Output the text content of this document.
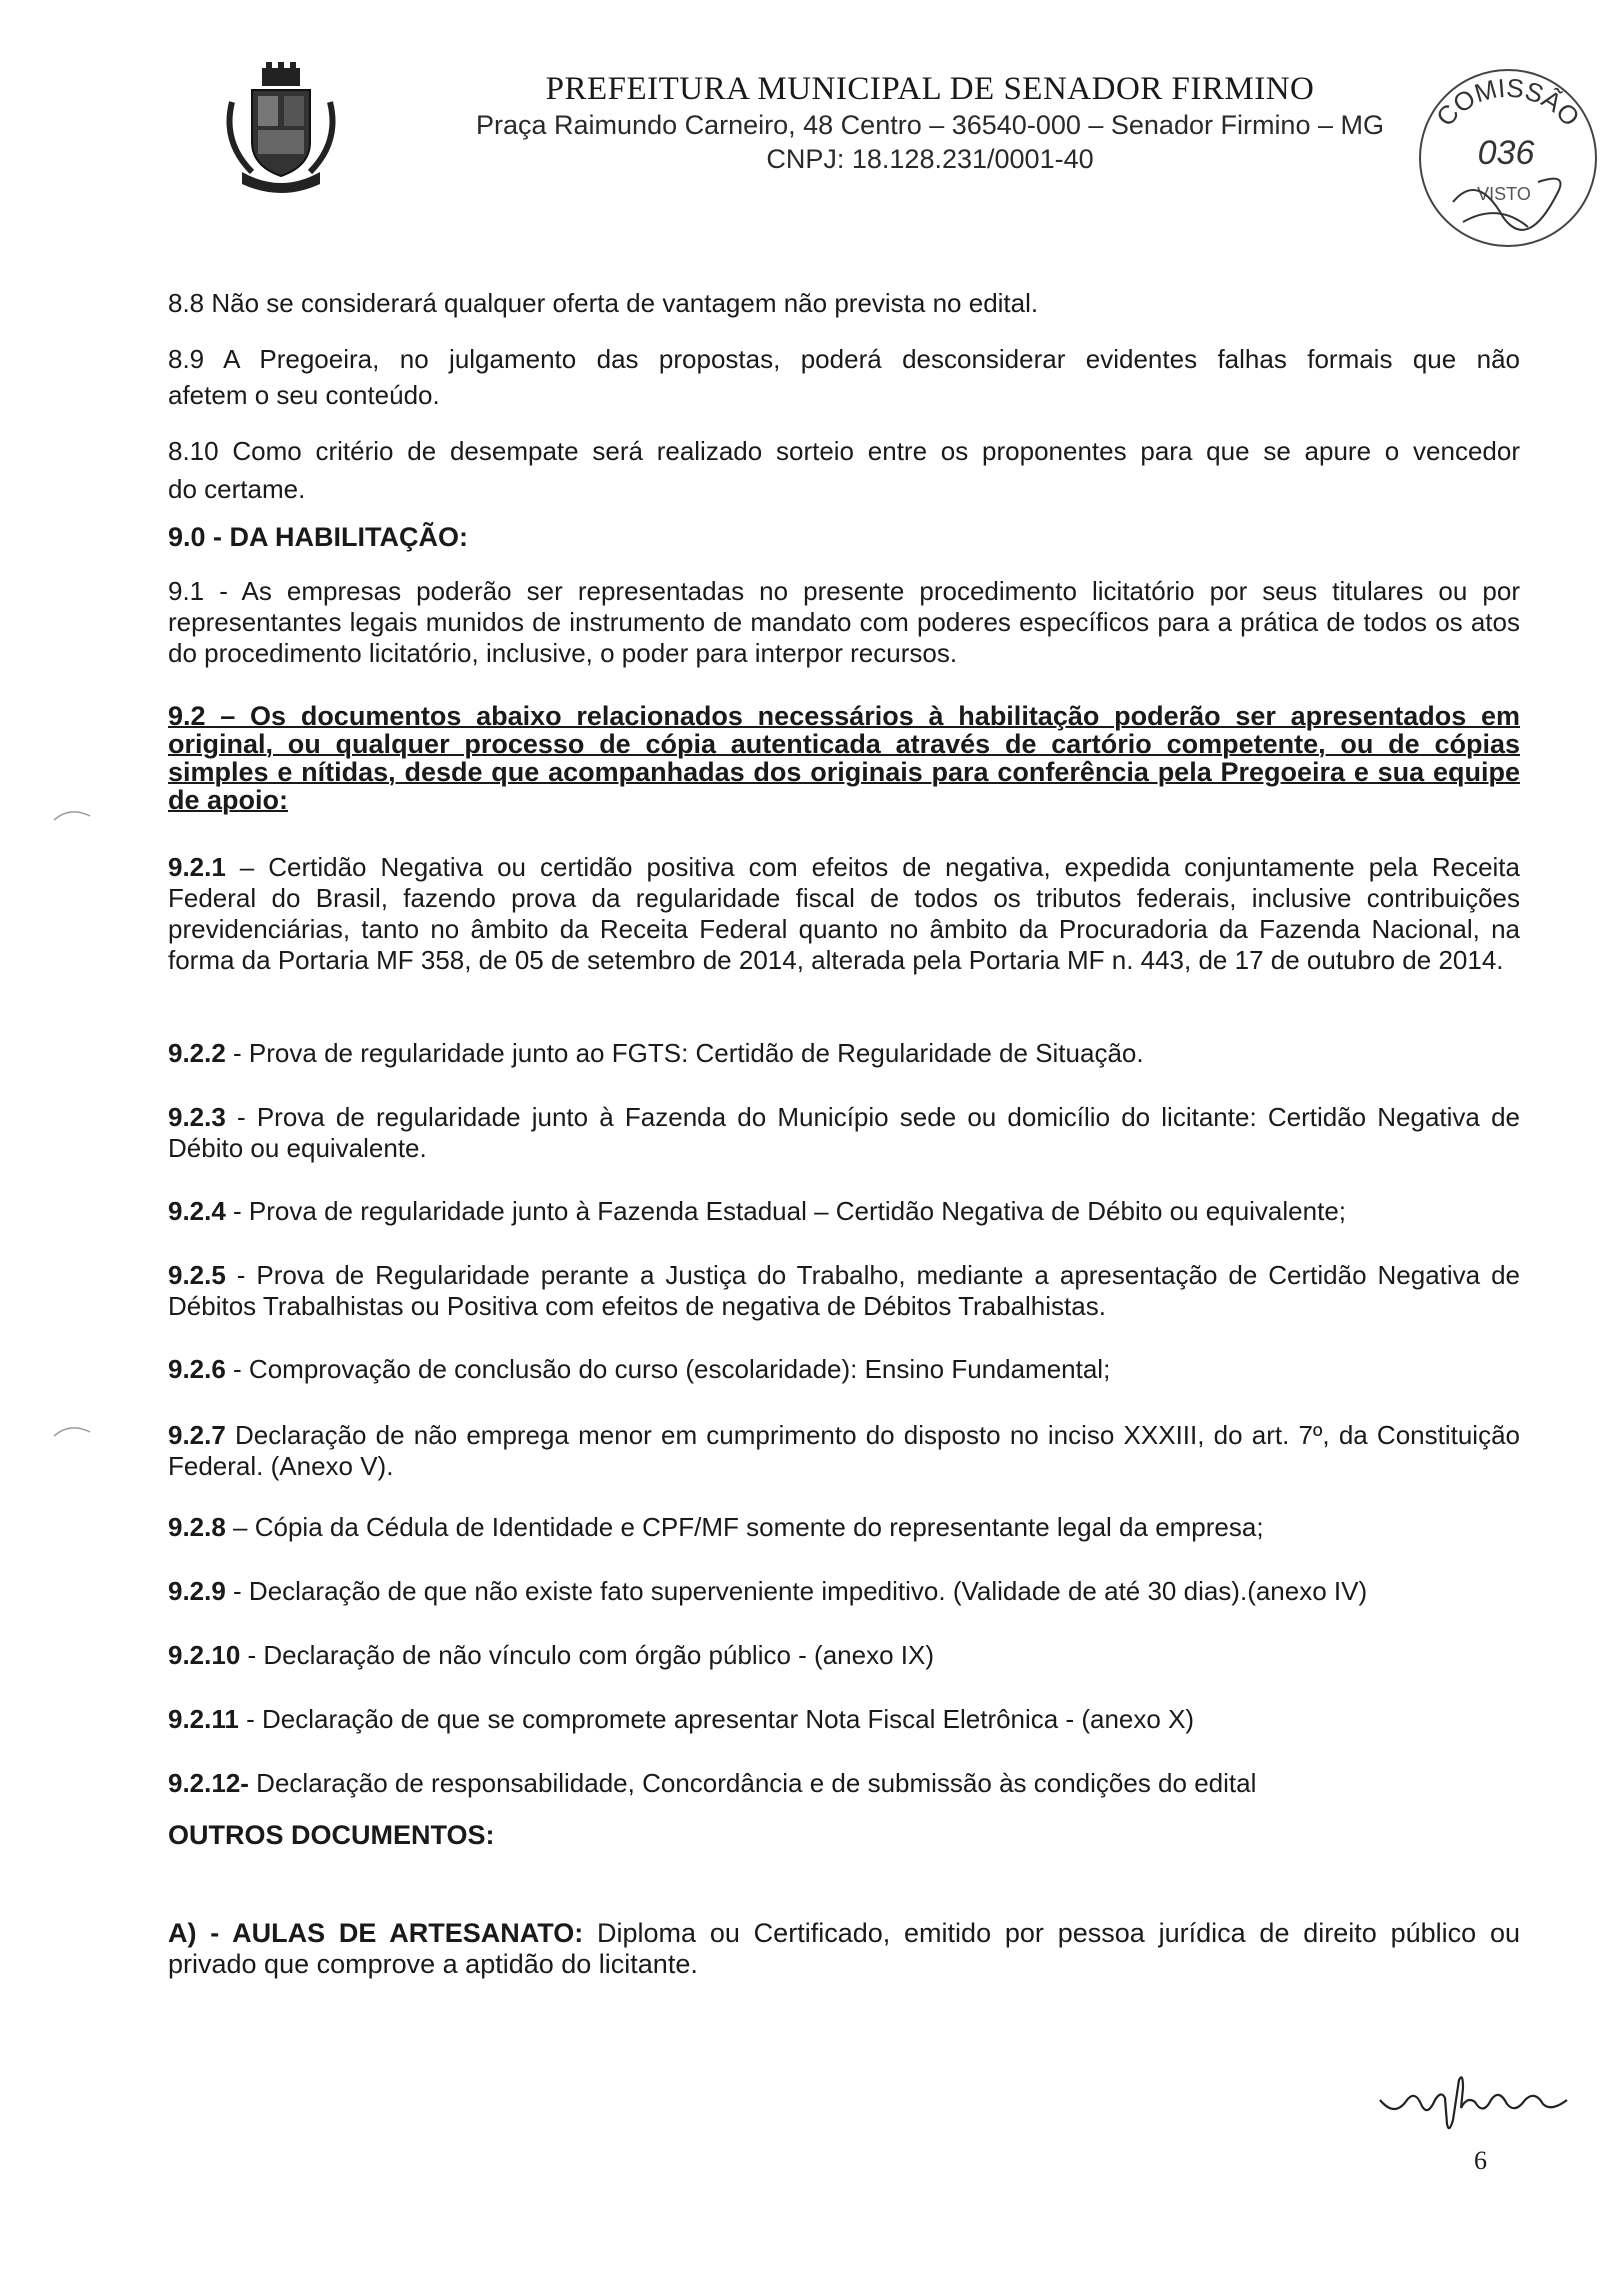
PREFEITURA MUNICIPAL DE SENADOR FIRMINO
Praça Raimundo Carneiro, 48 Centro – 36540-000 – Senador Firmino – MG
CNPJ: 18.128.231/0001-40
COMISSÃO
036
VISTO
8.8 Não se considerará qualquer oferta de vantagem não prevista no edital.
8.9 A Pregoeira, no julgamento das propostas, poderá desconsiderar evidentes falhas formais que não
afetem o seu conteúdo.
8.10 Como critério de desempate será realizado sorteio entre os proponentes para que se apure o vencedor
do certame.
9.0 - DA HABILITAÇÃO:
9.1 - As empresas poderão ser representadas no presente procedimento licitatório por seus titulares ou por representantes legais munidos de instrumento de mandato com poderes específicos para a prática de todos os atos do procedimento licitatório, inclusive, o poder para interpor recursos.
9.2 – Os documentos abaixo relacionados necessários à habilitação poderão ser apresentados em original, ou qualquer processo de cópia autenticada através de cartório competente, ou de cópias simples e nítidas, desde que acompanhadas dos originais para conferência pela Pregoeira e sua equipe de apoio:
9.2.1 – Certidão Negativa ou certidão positiva com efeitos de negativa, expedida conjuntamente pela Receita Federal do Brasil, fazendo prova da regularidade fiscal de todos os tributos federais, inclusive contribuições previdenciárias, tanto no âmbito da Receita Federal quanto no âmbito da Procuradoria da Fazenda Nacional, na forma da Portaria MF 358, de 05 de setembro de 2014, alterada pela Portaria MF n. 443, de 17 de outubro de 2014.
9.2.2 - Prova de regularidade junto ao FGTS: Certidão de Regularidade de Situação.
9.2.3 - Prova de regularidade junto à Fazenda do Município sede ou domicílio do licitante: Certidão Negativa de Débito ou equivalente.
9.2.4 - Prova de regularidade junto à Fazenda Estadual – Certidão Negativa de Débito ou equivalente;
9.2.5 - Prova de Regularidade perante a Justiça do Trabalho, mediante a apresentação de Certidão Negativa de Débitos Trabalhistas ou Positiva com efeitos de negativa de Débitos Trabalhistas.
9.2.6 - Comprovação de conclusão do curso (escolaridade): Ensino Fundamental;
9.2.7 Declaração de não emprega menor em cumprimento do disposto no inciso XXXIII, do art. 7º, da Constituição Federal. (Anexo V).
9.2.8 – Cópia da Cédula de Identidade e CPF/MF somente do representante legal da empresa;
9.2.9 - Declaração de que não existe fato superveniente impeditivo. (Validade de até 30 dias).(anexo IV)
9.2.10 - Declaração de não vínculo com órgão público - (anexo IX)
9.2.11 - Declaração de que se compromete apresentar Nota Fiscal Eletrônica - (anexo X)
9.2.12- Declaração de responsabilidade, Concordância e de submissão às condições do edital
OUTROS DOCUMENTOS:
A) - AULAS DE ARTESANATO: Diploma ou Certificado, emitido por pessoa jurídica de direito público ou privado que comprove a aptidão do licitante.
6
